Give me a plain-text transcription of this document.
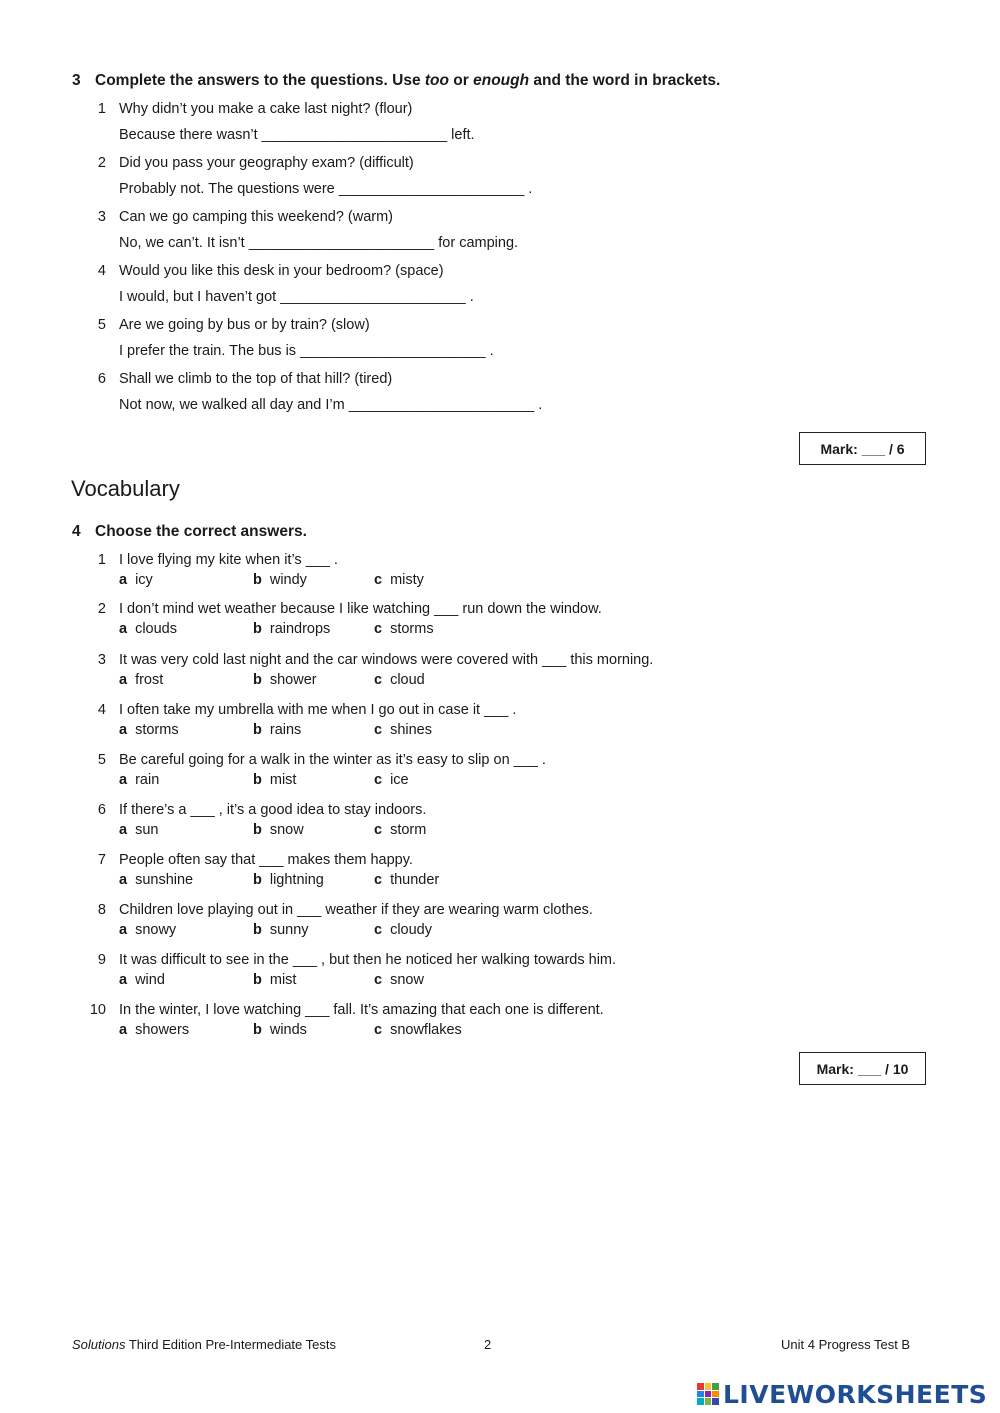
3 Complete the answers to the questions. Use too or enough and the word in brackets.
1 Why didn’t you make a cake last night? (flour)
Because there wasn’t _______________________ left.
2 Did you pass your geography exam? (difficult)
Probably not. The questions were _______________________ .
3 Can we go camping this weekend? (warm)
No, we can’t. It isn’t _______________________ for camping.
4 Would you like this desk in your bedroom? (space)
I would, but I haven’t got _______________________ .
5 Are we going by bus or by train? (slow)
I prefer the train. The bus is _______________________ .
6 Shall we climb to the top of that hill? (tired)
Not now, we walked all day and I’m _______________________ .
Mark: ___ / 6
Vocabulary
4 Choose the correct answers.
1 I love flying my kite when it’s ___ .
a icy	b windy	c misty
2 I don’t mind wet weather because I like watching ___ run down the window.
a clouds	b raindrops	c storms
3 It was very cold last night and the car windows were covered with ___ this morning.
a frost	b shower	c cloud
4 I often take my umbrella with me when I go out in case it ___ .
a storms	b rains	c shines
5 Be careful going for a walk in the winter as it’s easy to slip on ___ .
a rain	b mist	c ice
6 If there’s a ___ , it’s a good idea to stay indoors.
a sun	b snow	c storm
7 People often say that ___ makes them happy.
a sunshine	b lightning	c thunder
8 Children love playing out in ___ weather if they are wearing warm clothes.
a snowy	b sunny	c cloudy
9 It was difficult to see in the ___ , but then he noticed her walking towards him.
a wind	b mist	c snow
10 In the winter, I love watching ___ fall. It’s amazing that each one is different.
a showers	b winds	c snowflakes
Mark: ___ / 10
Solutions Third Edition Pre-Intermediate Tests	2	Unit 4 Progress Test B
LIVEWORKSHEETS
